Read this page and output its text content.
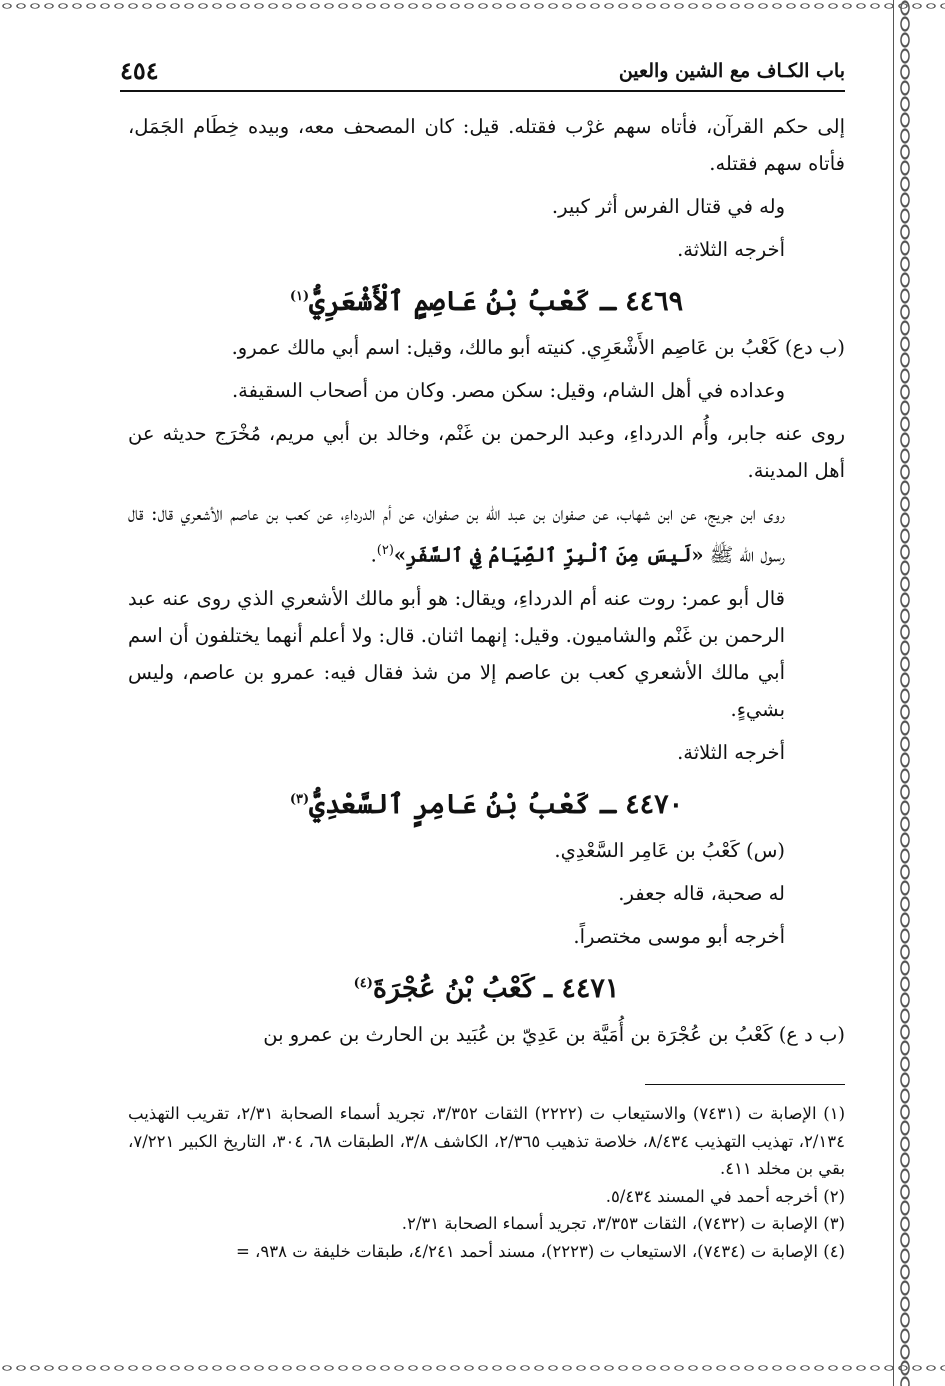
باب الكـاف مع الشين والعين
٤٥٤

إلى حكم القرآن، فأتاه سهم غرْب فقتله. قيل: كان المصحف معه، وبيده خِطَام الجَمَل، فأتاه سهم فقتله.

وله في قتال الفرس أثر كبير.

أخرجه الثلاثة.

٤٤٦٩ ـ كَعْبُ بْنُ عَاصِمٍ ٱلْأَشْعَرِيُّ$^{(١)}$

(ب دع) كَعْبُ بن عَاصِم الأَشْعَرِي. كنيته أبو مالك، وقيل: اسم أبي مالك عمرو.

وعداده في أهل الشام، وقيل: سكن مصر. وكان من أصحاب السقيفة.

روى عنه جابر، وأُم الدرداءِ، وعبد الرحمن بن غَنْم، وخالد بن أبي مريم، مُخْرَج حديثه عن أهل المدينة.

روى ابن جريج، عن ابن شهاب، عن صفوان بن عبد الله بن صفوان، عن أم الدرداءِ، عن كعب بن عاصم الأشعري قال: قال رسول الله ﷺ «لَيسَ مِنَ ٱلْبِرِّ ٱلصِّيَامُ فِي ٱلسَّفَرِ»$^{(٢)}$.

قال أبو عمر: روت عنه أم الدرداءِ، ويقال: هو أبو مالك الأشعري الذي روى عنه عبد الرحمن بن غَنْم والشاميون. وقيل: إنهما اثنان. قال: ولا أعلم أنهما يختلفون أن اسم أبي مالك الأشعري كعب بن عاصم إلا من شذ فقال فيه: عمرو بن عاصم، وليس بشيءٍ.

أخرجه الثلاثة.

٤٤٧٠ ـ كَعْبُ بْنُ عَامِرٍ ٱلسَّعْدِيُّ$^{(٣)}$

(س) كَعْبُ بن عَامِر السَّعْدِي.

له صحبة، قاله جعفر.

أخرجه أبو موسى مختصراً.

٤٤٧١ ـ كَعْبُ بْنُ عُجْرَةَ$^{(٤)}$

(ب د ع) كَعْبُ بن عُجْرَة بن أُمَيَّة بن عَدِيّ بن عُبَيد بن الحارث بن عمرو بن

(١) الإصابة ت (٧٤٣١) والاستيعاب ت (٢٢٢٢) الثقات ٣/٣٥٢، تجريد أسماء الصحابة ٢/٣١، تقريب التهذيب ٢/١٣٤، تهذيب التهذيب ٨/٤٣٤، خلاصة تذهيب ٢/٣٦٥، الكاشف ٣/٨، الطبقات ٦٨، ٣٠٤، التاريخ الكبير ٧/٢٢١، بقي بن مخلد ٤١١.

(٢) أخرجه أحمد في المسند ٥/٤٣٤.

(٣) الإصابة ت (٧٤٣٢)، الثقات ٣/٣٥٣، تجريد أسماء الصحابة ٢/٣١.

(٤) الإصابة ت (٧٤٣٤)، الاستيعاب ت (٢٢٢٣)، مسند أحمد ٤/٢٤١، طبقات خليفة ت ٩٣٨، =
